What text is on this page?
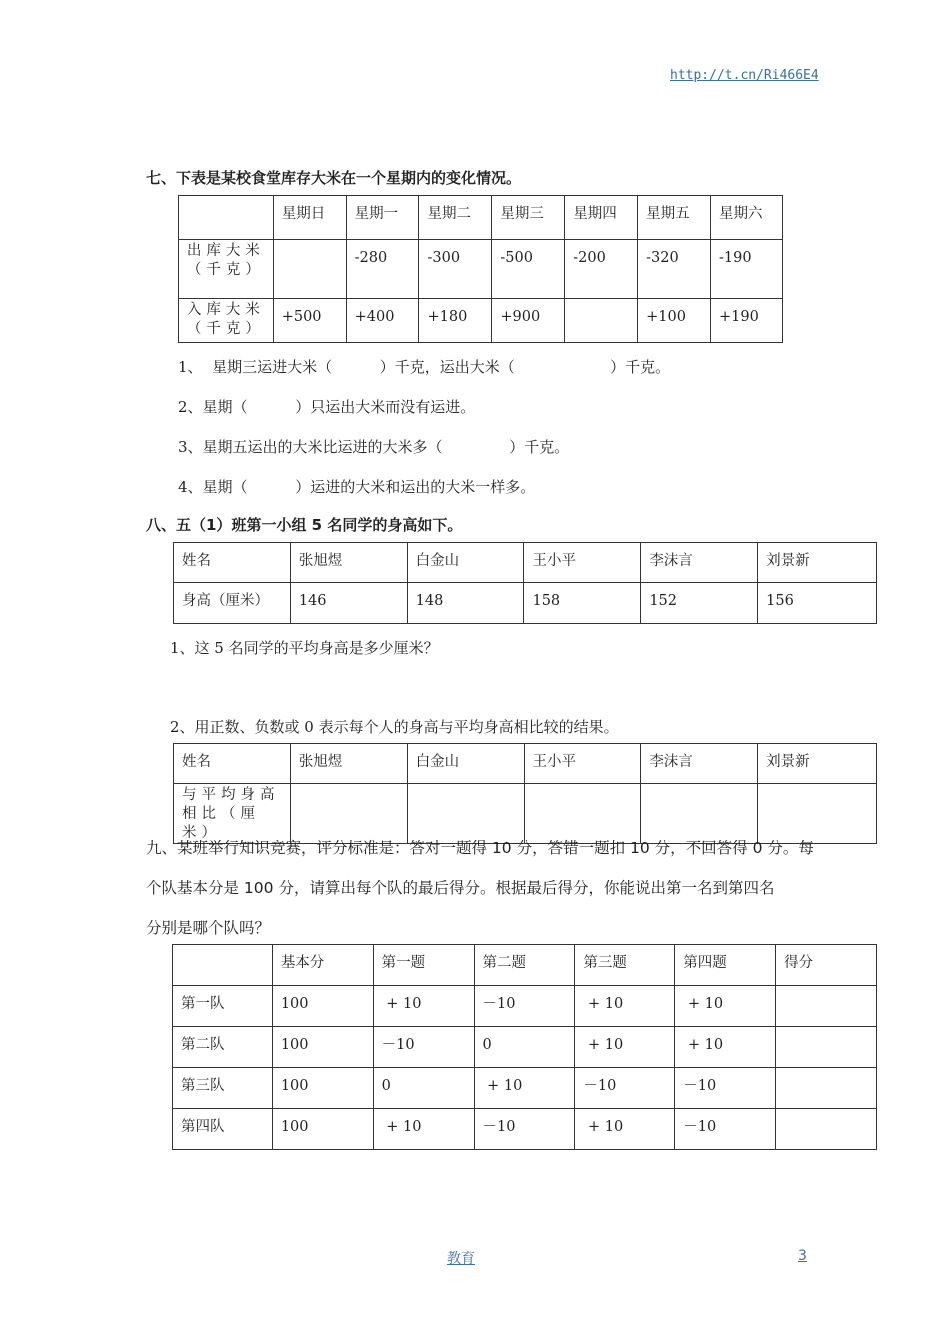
http://t.cn/Ri466E4
七、下表是某校食堂库存大米在一个星期内的变化情况。
	星期日	星期一	星期二	星期三	星期四	星期五	星期六
出库大米（千克）		-280	-300	-500	-200	-320	-190
入库大米（千克）	+500	+400	+180	+900		+100	+190
1、  星期三运进大米（          ）千克，运出大米（                    ）千克。
2、星期（          ）只运出大米而没有运进。
3、星期五运出的大米比运进的大米多（              ）千克。
4、星期（          ）运进的大米和运出的大米一样多。
八、五（1）班第一小组 5 名同学的身高如下。
姓名	张旭煜	白金山	王小平	李沫言	刘景新
身高（厘米）	146	148	158	152	156
1、这 5 名同学的平均身高是多少厘米？
2、用正数、负数或 0 表示每个人的身高与平均身高相比较的结果。
姓名	张旭煜	白金山	王小平	李沫言	刘景新
与平均身高相比（厘米）					
九、某班举行知识竞赛，评分标准是：答对一题得 10 分，答错一题扣 10 分，不回答得 0 分。每
个队基本分是 100 分，请算出每个队的最后得分。根据最后得分，你能说出第一名到第四名
分别是哪个队吗？
	基本分	第一题	第二题	第三题	第四题	得分
第一队	100	+ 10	－10	+ 10	+ 10	
第二队	100	－10	0	+ 10	+ 10	
第三队	100	0	+ 10	－10	－10	
第四队	100	+ 10	－10	+ 10	－10	
教育	3
